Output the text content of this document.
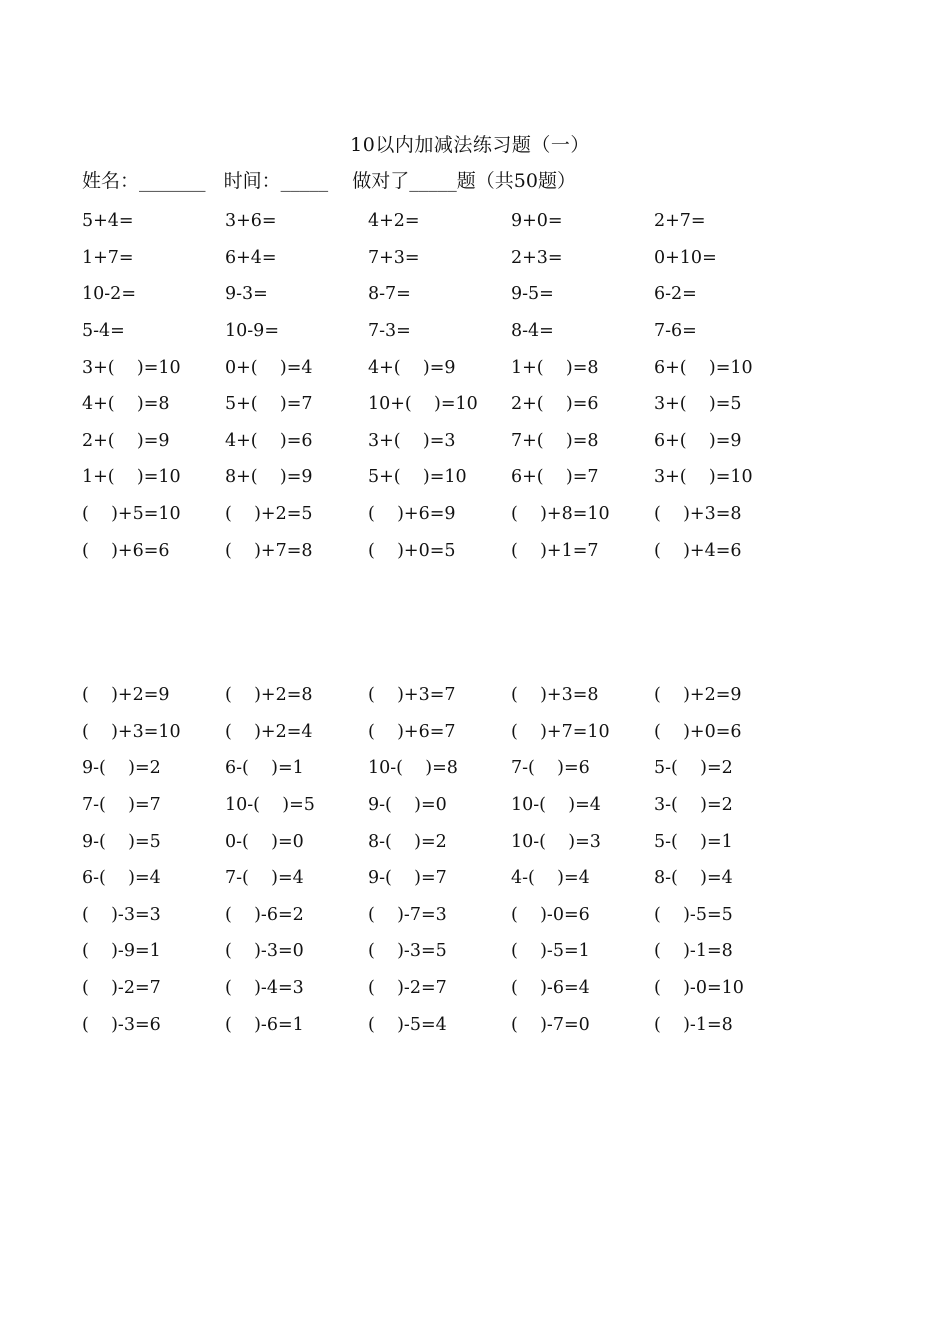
10以内加减法练习题（一）
姓名：_______   时间：_____    做对了_____题（共50题）
5+4=	3+6=	4+2=	9+0=	2+7=
1+7=	6+4=	7+3=	2+3=	0+10=
10-2=	9-3=	8-7=	9-5=	6-2=
5-4=	10-9=	7-3=	8-4=	7-6=
3+(    )=10	0+(    )=4	4+(    )=9	1+(    )=8	6+(    )=10
4+(    )=8	5+(    )=7	10+(    )=10	2+(    )=6	3+(    )=5
2+(    )=9	4+(    )=6	3+(    )=3	7+(    )=8	6+(    )=9
1+(    )=10	8+(    )=9	5+(    )=10	6+(    )=7	3+(    )=10
(    )+5=10	(    )+2=5	(    )+6=9	(    )+8=10	(    )+3=8
(    )+6=6	(    )+7=8	(    )+0=5	(    )+1=7	(    )+4=6
(    )+2=9	(    )+2=8	(    )+3=7	(    )+3=8	(    )+2=9
(    )+3=10	(    )+2=4	(    )+6=7	(    )+7=10	(    )+0=6
9-(    )=2	6-(    )=1	10-(    )=8	7-(    )=6	5-(    )=2
7-(    )=7	10-(    )=5	9-(    )=0	10-(    )=4	3-(    )=2
9-(    )=5	0-(    )=0	8-(    )=2	10-(    )=3	5-(    )=1
6-(    )=4	7-(    )=4	9-(    )=7	4-(    )=4	8-(    )=4
(    )-3=3	(    )-6=2	(    )-7=3	(    )-0=6	(    )-5=5
(    )-9=1	(    )-3=0	(    )-3=5	(    )-5=1	(    )-1=8
(    )-2=7	(    )-4=3	(    )-2=7	(    )-6=4	(    )-0=10
(    )-3=6	(    )-6=1	(    )-5=4	(    )-7=0	(    )-1=8
